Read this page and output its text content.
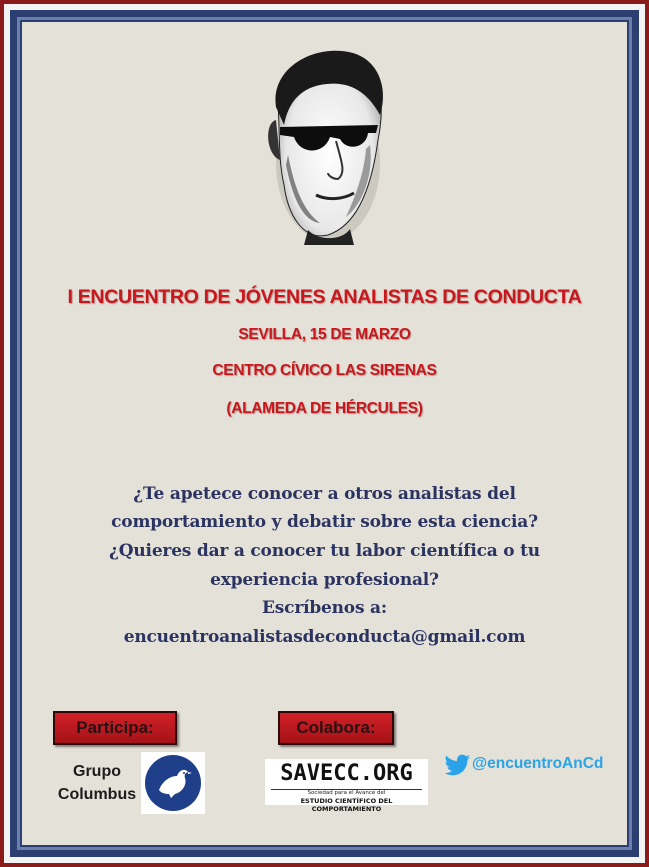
I ENCUENTRO DE JÓVENES ANALISTAS DE CONDUCTA
SEVILLA, 15 DE MARZO
CENTRO CÍVICO LAS SIRENAS
(ALAMEDA DE HÉRCULES)
¿Te apetece conocer a otros analistas del
comportamiento y debatir sobre esta ciencia?
¿Quieres dar a conocer tu labor científica o tu
experiencia profesional?
Escríbenos a:
encuentroanalistasdeconducta@gmail.com
Participa:	Colabora:
Grupo
Columbus
SAVECC.ORG
Sociedad para el Avance del
ESTUDIO CIENTÍFICO DEL COMPORTAMIENTO
@encuentroAnCd
